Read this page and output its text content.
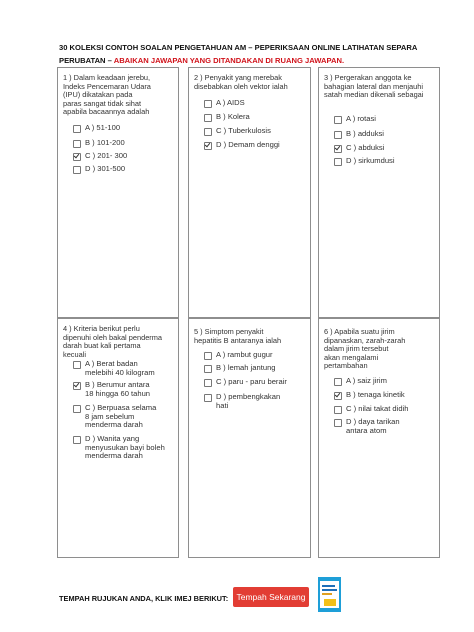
30 KOLEKSI CONTOH SOALAN PENGETAHUAN AM – PEPERIKSAAN ONLINE LATIHATAN SEPARA
PERUBATAN – ABAIKAN JAWAPAN YANG DITANDAKAN DI RUANG JAWAPAN.
1 ) Dalam keadaan jerebu,
Indeks Pencemaran Udara
(IPU) dikatakan pada
paras sangat tidak sihat
apabila bacaannya adalah
A ) 51-100
B ) 101-200
C ) 201- 300
D ) 301-500
2 ) Penyakit yang merebak
disebabkan oleh vektor ialah
A ) AIDS
B ) Kolera
C ) Tuberkulosis
D ) Demam denggi
3 ) Pergerakan anggota ke
bahagian lateral dan menjauhi
satah median dikenali sebagai
A ) rotasi
B ) adduksi
C ) abduksi
D ) sirkumdusi
4 ) Kriteria berikut perlu
dipenuhi oleh bakal penderma
darah buat kali pertama
kecuali
A ) Berat badan
melebihi 40 kilogram
B ) Berumur antara
18 hingga 60 tahun
C ) Berpuasa selama
8 jam sebelum
menderma darah
D ) Wanita yang
menyusukan bayi boleh
menderma darah
5 ) Simptom penyakit
hepatitis B antaranya ialah
A ) rambut gugur
B ) lemah jantung
C ) paru - paru berair
D ) pembengkakan
hati
6 ) Apabila suatu jirim
dipanaskan, zarah-zarah
dalam jirim tersebut
akan mengalami
pertambahan
A ) saiz jirim
B ) tenaga kinetik
C ) nilai takat didih
D ) daya tarikan
antara atom
TEMPAH RUJUKAN ANDA, KLIK IMEJ BERIKUT: Tempah Sekarang
